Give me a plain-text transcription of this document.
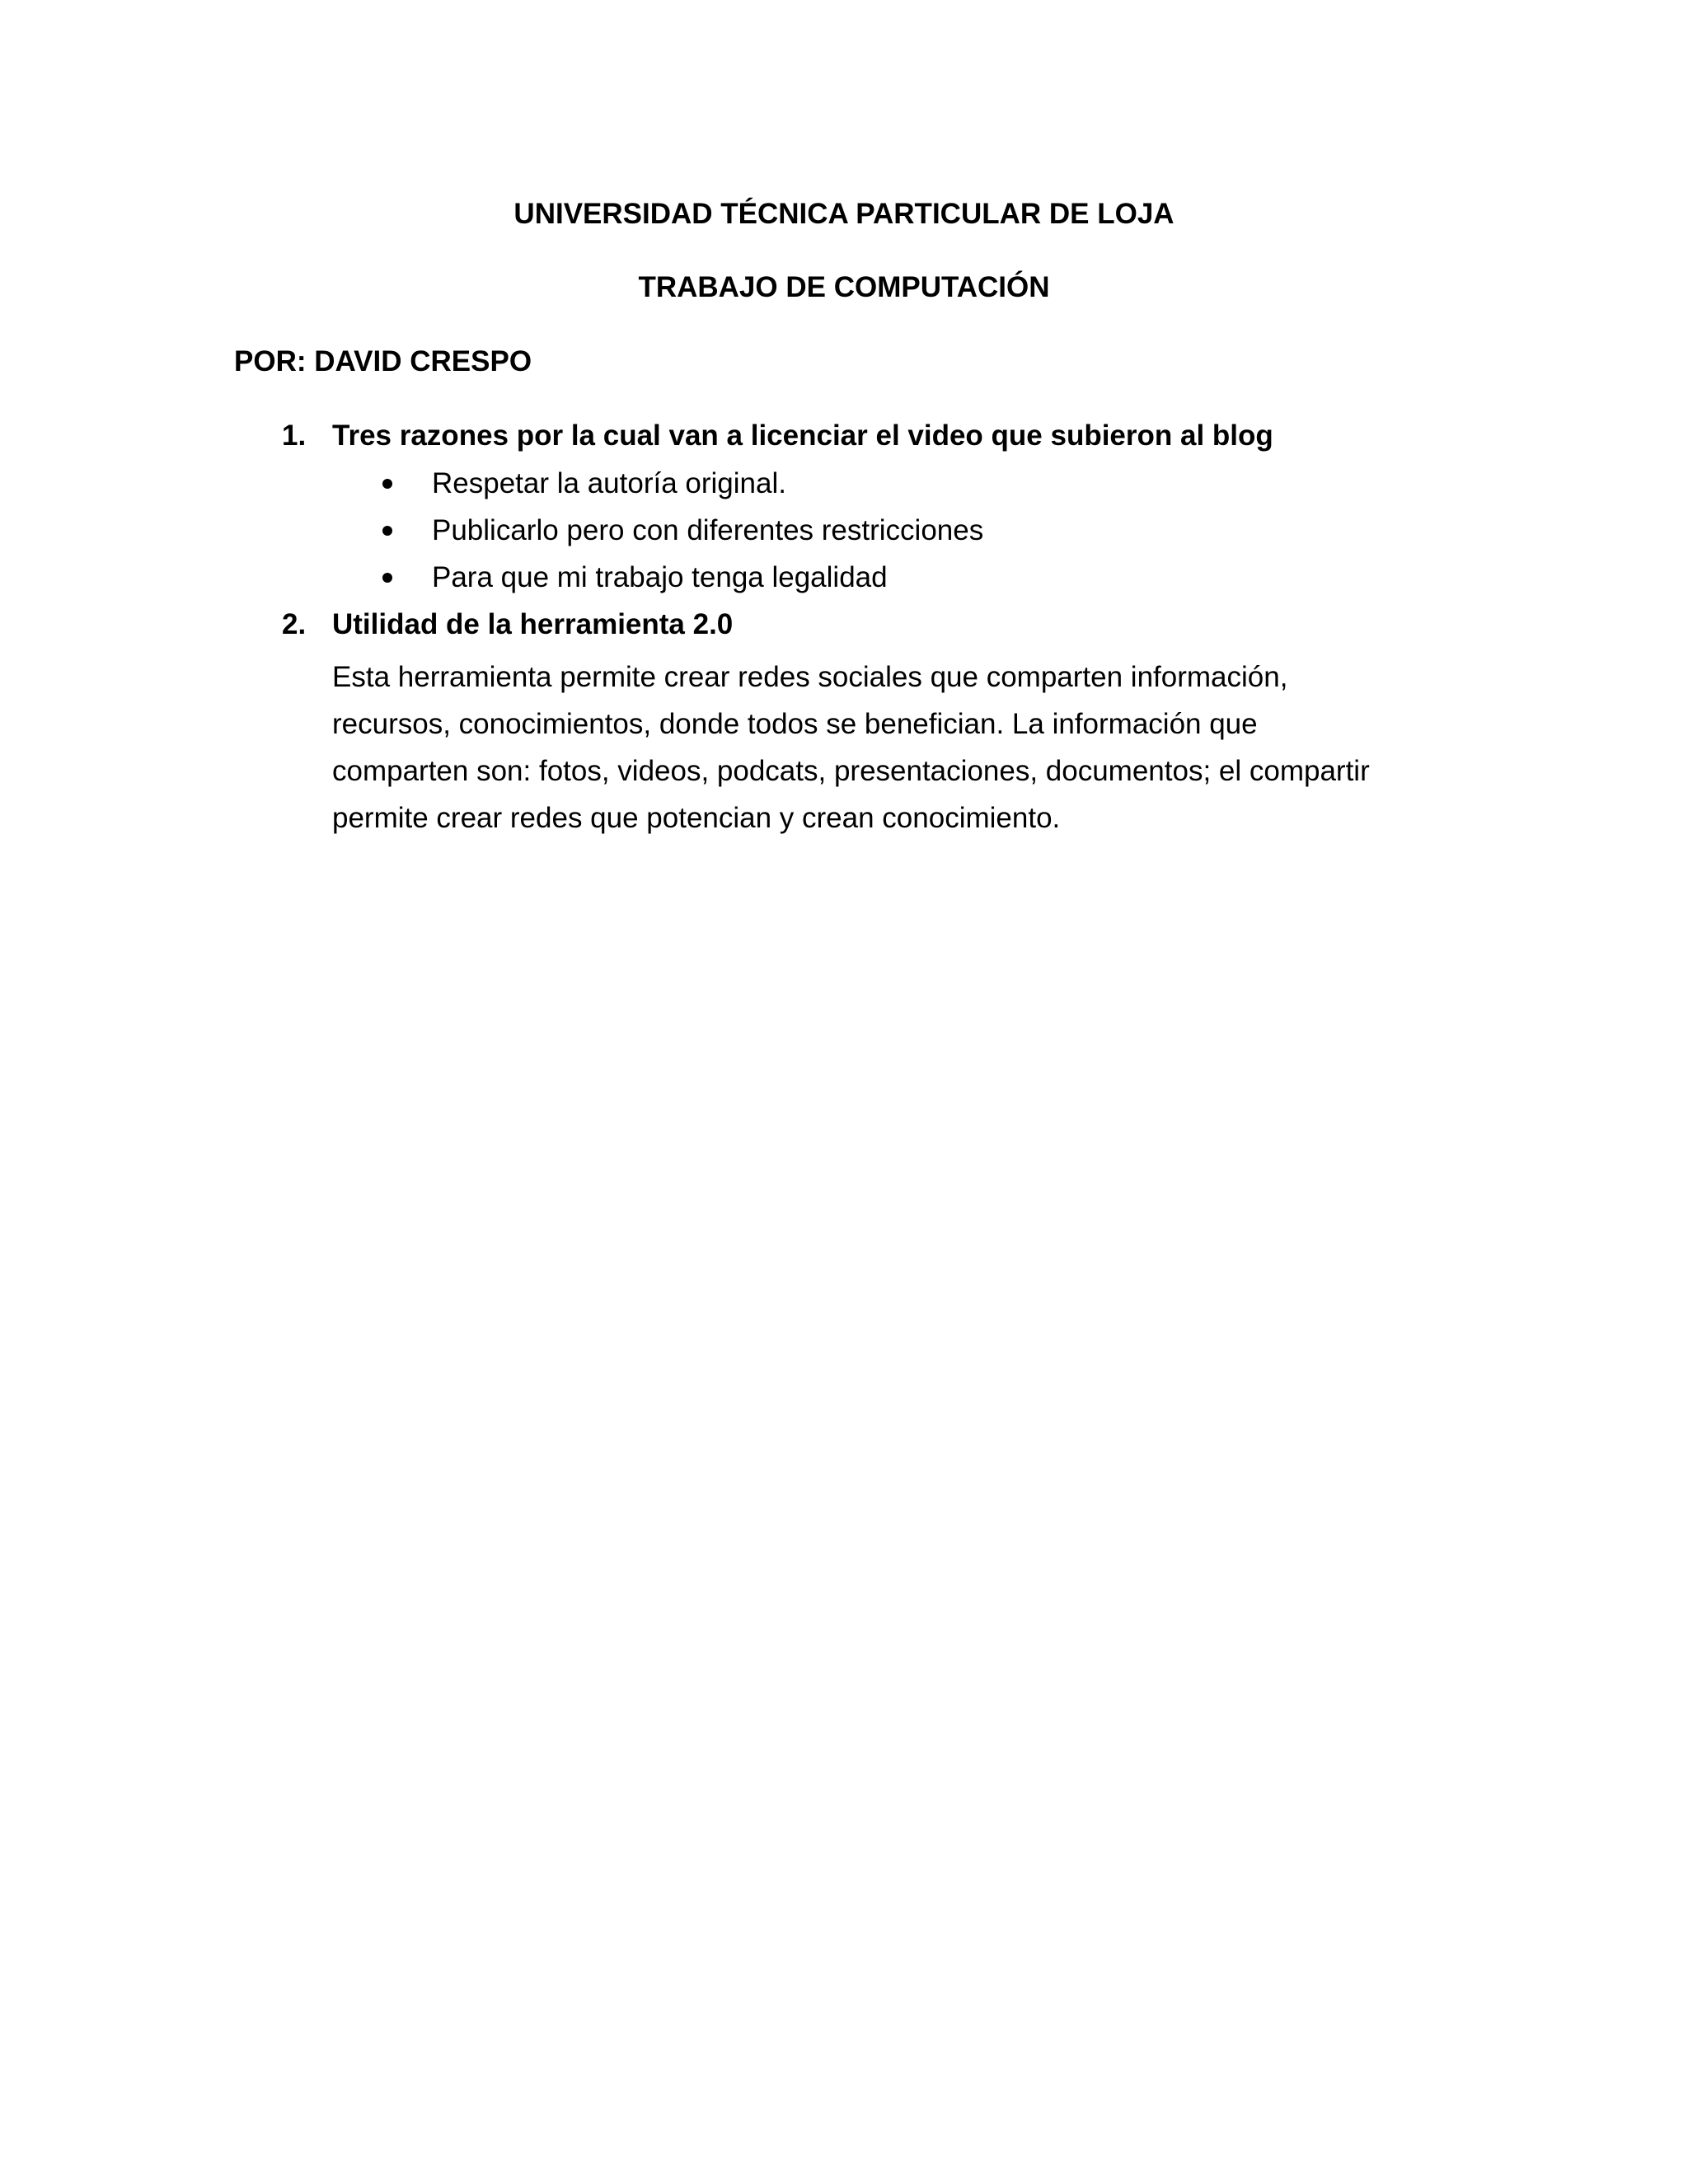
UNIVERSIDAD TÉCNICA PARTICULAR DE LOJA
TRABAJO DE COMPUTACIÓN
POR: DAVID CRESPO
1. Tres razones por la cual van a licenciar el video que subieron al blog
Respetar la autoría original.
Publicarlo pero con diferentes restricciones
Para que mi trabajo tenga legalidad
2. Utilidad de la herramienta 2.0
Esta herramienta permite crear redes sociales que comparten información,
recursos, conocimientos, donde todos se benefician. La información que
comparten son: fotos, videos, podcats, presentaciones, documentos; el compartir
permite crear redes que potencian y crean conocimiento.
